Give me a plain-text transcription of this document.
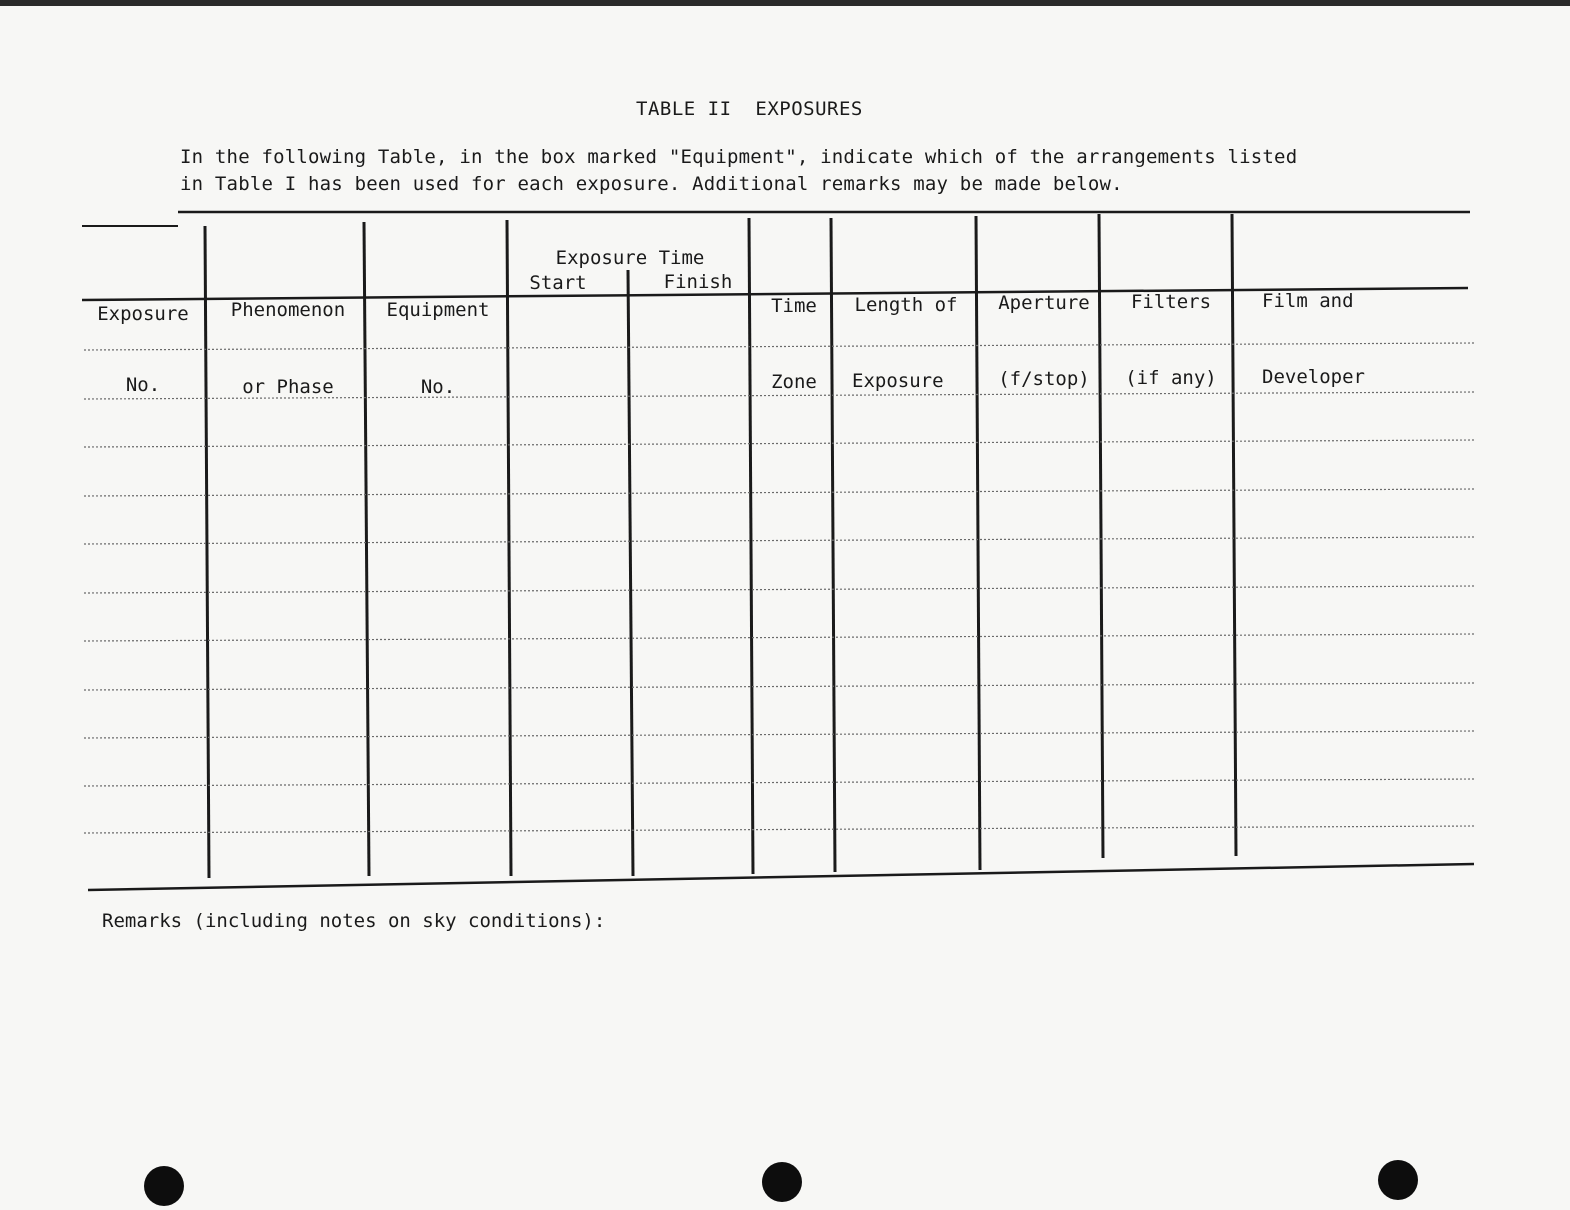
TABLE II  EXPOSURES
In the following Table, in the box marked "Equipment", indicate which of the arrangements listed
in Table I has been used for each exposure. Additional remarks may be made below.

Exposure

No.

Phenomenon

or Phase

Equipment

No.

Exposure Time
Start	Finish

Time

Zone

Length of

Exposure

Aperture

(f/stop)

Filters

(if any)

Film and

Developer

Remarks (including notes on sky conditions):
